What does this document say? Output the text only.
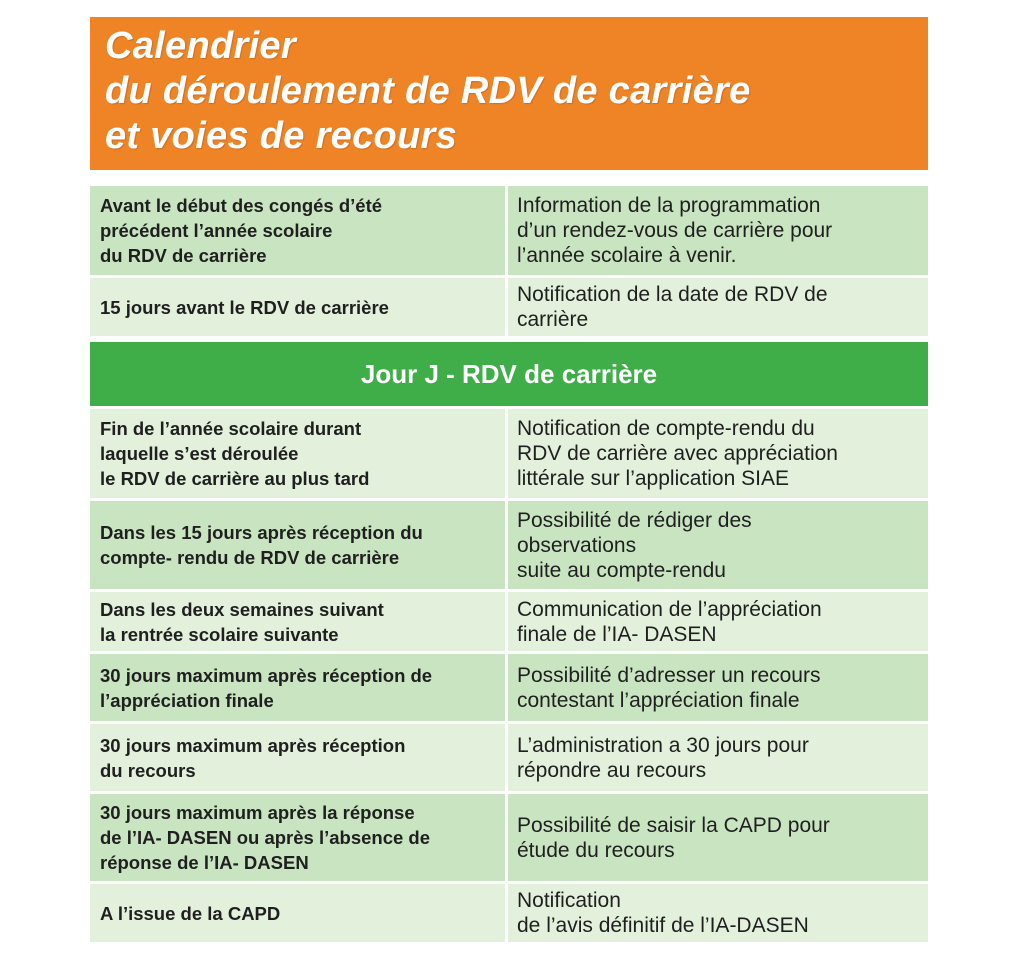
Calendrier
du déroulement de RDV de carrière
et voies de recours
Avant le début des congés d’été
précédent l’année scolaire
du RDV de carrière
Information de la programmation
d’un rendez-vous de carrière pour
l’année scolaire à venir.
15 jours avant le RDV de carrière
Notification de la date de RDV de
carrière
Jour J - RDV de carrière
Fin de l’année scolaire durant
laquelle s’est déroulée
le RDV de carrière au plus tard
Notification de compte-rendu du
RDV de carrière avec appréciation
littérale sur l’application SIAE
Dans les 15 jours après réception du
compte- rendu de RDV de carrière
Possibilité de rédiger des
observations
suite au compte-rendu
Dans les deux semaines suivant
la rentrée scolaire suivante
Communication de l’appréciation
finale de l’IA- DASEN
30 jours maximum après réception de
l’appréciation finale
Possibilité d’adresser un recours
contestant l’appréciation finale
30 jours maximum après réception
du recours
L’administration a 30 jours pour
répondre au recours
30 jours maximum après la réponse
de l’IA- DASEN ou après l’absence de
réponse de l’IA- DASEN
Possibilité de saisir la CAPD pour
étude du recours
A l’issue de la CAPD
Notification
de l’avis définitif de l’IA-DASEN
